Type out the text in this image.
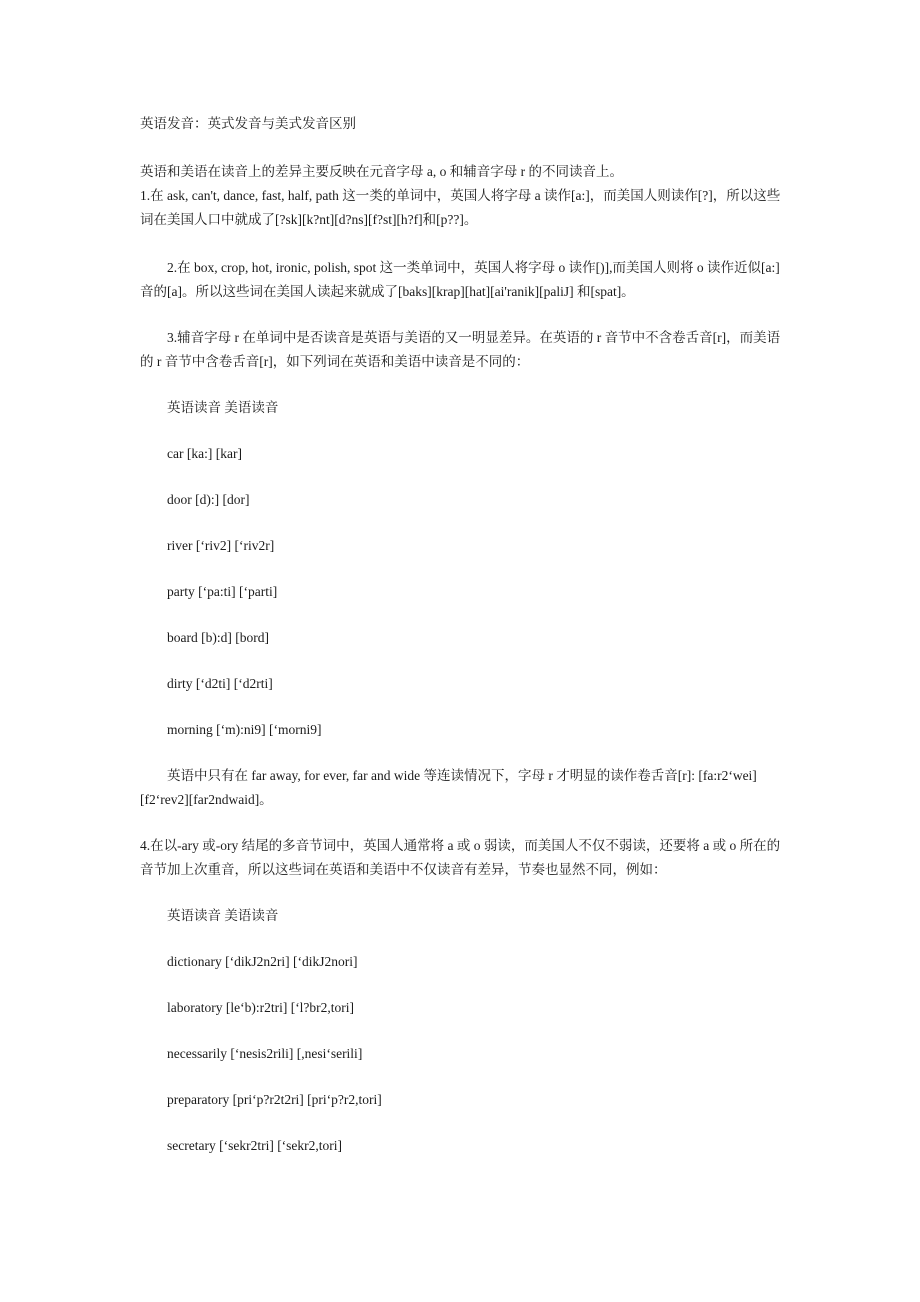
英语发音：英式发音与美式发音区别

英语和美语在读音上的差异主要反映在元音字母 a, o 和辅音字母 r 的不同读音上。

1.在 ask, can't, dance, fast, half, path 这一类的单词中，英国人将字母 a 读作[a:]，而美国人则读作[?]，所以这些词在美国人口中就成了[?sk][k?nt][d?ns][f?st][h?f]和[p??]。

2.在 box, crop, hot, ironic, polish, spot 这一类单词中，英国人将字母 o 读作[)],而美国人则将 o 读作近似[a:]音的[a]。所以这些词在美国人读起来就成了[baks][krap][hat][ai'ranik][paliJ] 和[spat]。

3.辅音字母 r 在单词中是否读音是英语与美语的又一明显差异。在英语的 r 音节中不含卷舌音[r]，而美语的 r 音节中含卷舌音[r]，如下列词在英语和美语中读音是不同的：

英语读音 美语读音

car [ka:] [kar]

door [d):] [dor]

river [‘riv2] [‘riv2r]

party [‘pa:ti] [‘parti]

board [b):d] [bord]

dirty [‘d2ti] [‘d2rti]

morning [‘m):ni9] [‘morni9]

英语中只有在 far away, for ever, far and wide 等连读情况下，字母 r 才明显的读作卷舌音[r]: [fa:r2‘wei][f2‘rev2][far2ndwaid]。

4.在以-ary 或-ory 结尾的多音节词中，英国人通常将 a 或 o 弱读，而美国人不仅不弱读，还要将 a 或 o 所在的音节加上次重音，所以这些词在英语和美语中不仅读音有差异，节奏也显然不同，例如：

英语读音 美语读音

dictionary [‘dikJ2n2ri] [‘dikJ2nori]

laboratory [le‘b):r2tri] [‘l?br2,tori]

necessarily [‘nesis2rili] [,nesi‘serili]

preparatory [pri‘p?r2t2ri] [pri‘p?r2,tori]

secretary [‘sekr2tri] [‘sekr2,tori]
